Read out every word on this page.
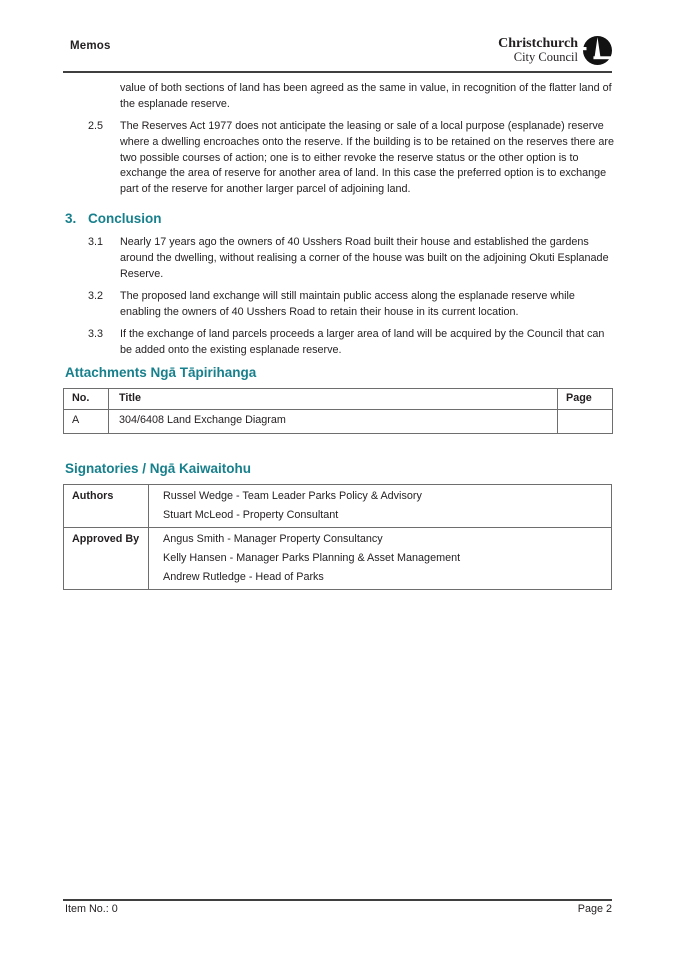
Memos	Christchurch
City Council
value of both sections of land has been agreed as the same in value, in recognition of the flatter land of the esplanade reserve.
2.5 The Reserves Act 1977 does not anticipate the leasing or sale of a local purpose (esplanade) reserve where a dwelling encroaches onto the reserve. If the building is to be retained on the reserves there are two possible courses of action; one is to either revoke the reserve status or the other option is to exchange the area of reserve for another area of land. In this case the preferred option is to exchange part of the reserve for another larger parcel of adjoining land.
3. Conclusion
3.1 Nearly 17 years ago the owners of 40 Usshers Road built their house and established the gardens around the dwelling, without realising a corner of the house was built on the adjoining Okuti Esplanade Reserve.
3.2 The proposed land exchange will still maintain public access along the esplanade reserve while enabling the owners of 40 Usshers Road to retain their house in its current location.
3.3 If the exchange of land parcels proceeds a larger area of land will be acquired by the Council that can be added onto the existing esplanade reserve.
Attachments Ngā Tāpirihanga
No.	Title	Page
A	304/6408 Land Exchange Diagram	
Signatories / Ngā Kaiwaitohu
Authors	Russel Wedge - Team Leader Parks Policy & Advisory
Stuart McLeod - Property Consultant

Approved By	Angus Smith - Manager Property Consultancy
Kelly Hansen - Manager Parks Planning & Asset Management
Andrew Rutledge - Head of Parks
Item No.: 0	Page 2
